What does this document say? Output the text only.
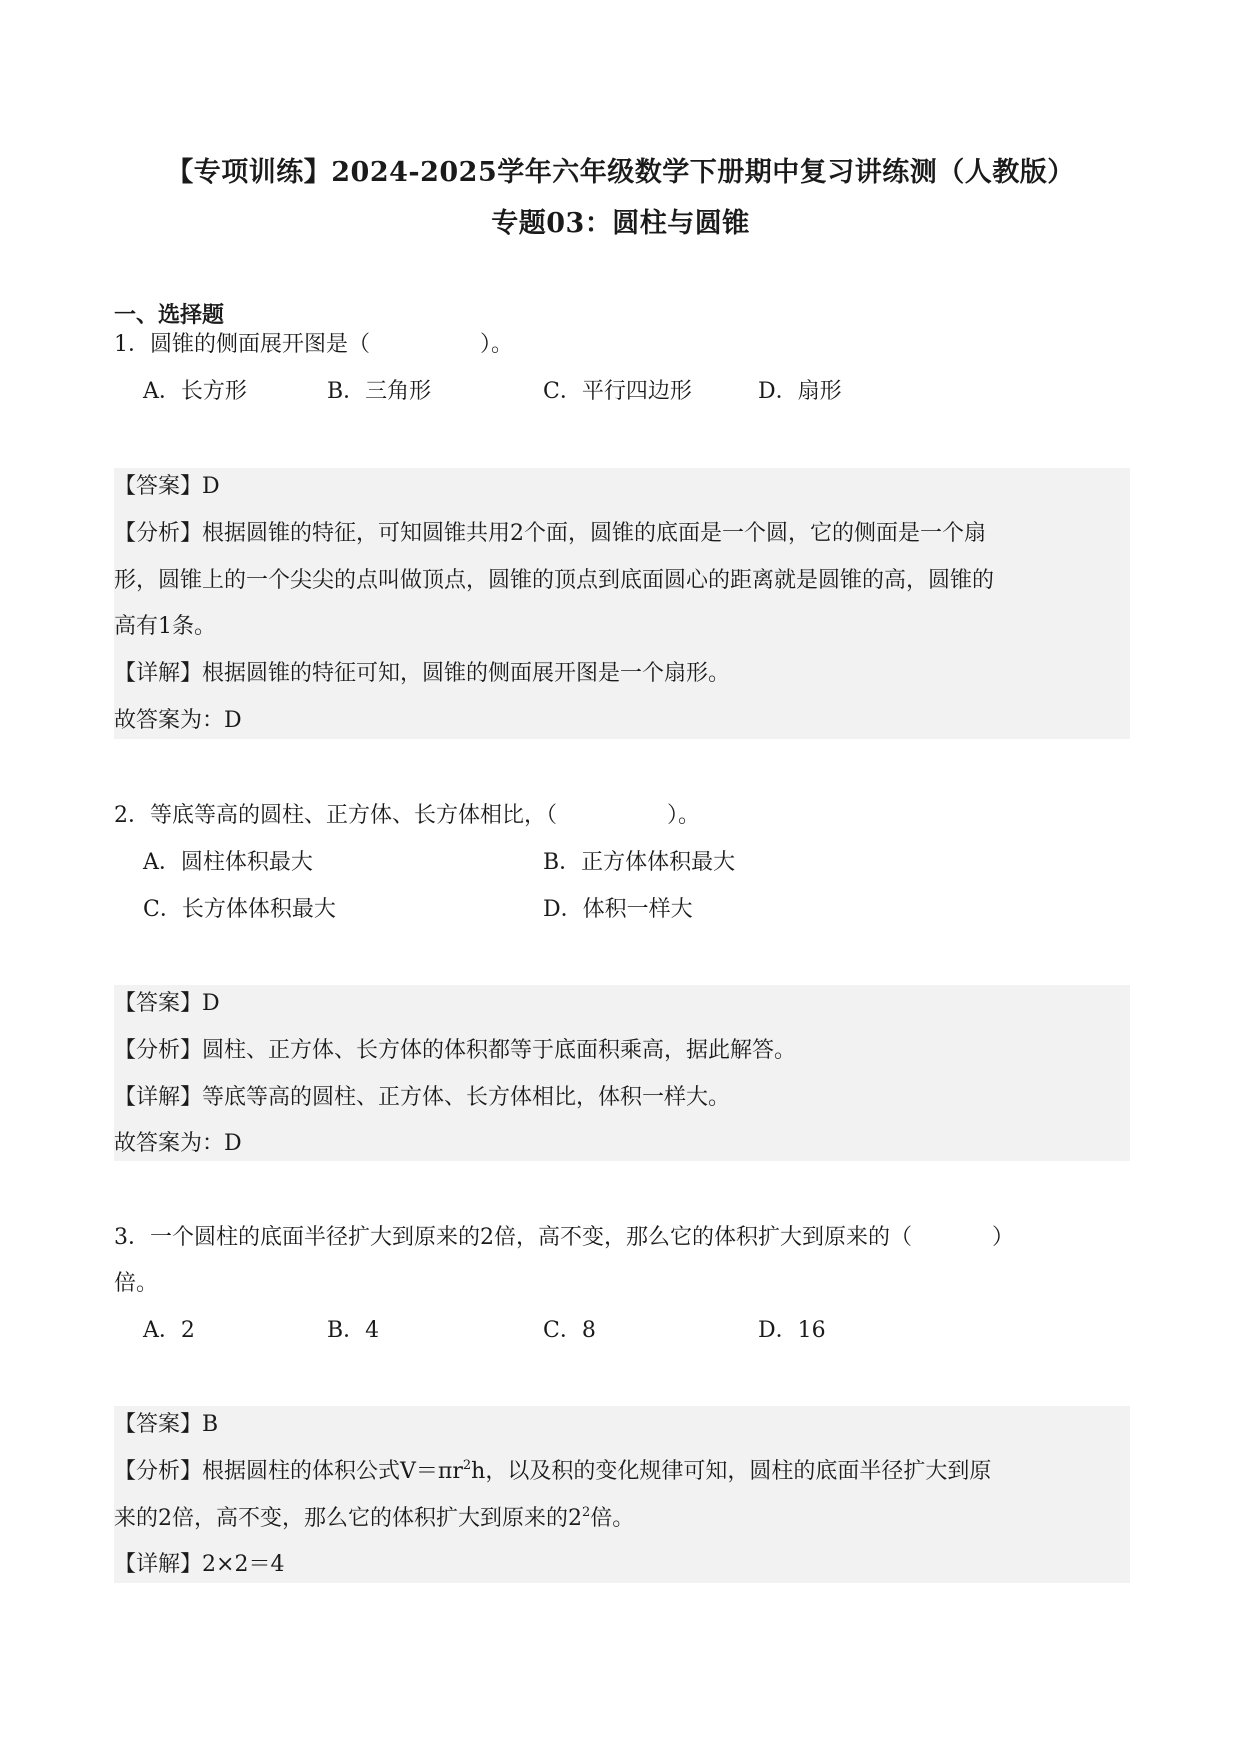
【专项训练】2024-2025学年六年级数学下册期中复习讲练测（人教版）
专题03：圆柱与圆锥
一、选择题
1．圆锥的侧面展开图是（	）。
A．长方形	B．三角形	C．平行四边形	D．扇形
【答案】D
【分析】根据圆锥的特征，可知圆锥共用2个面，圆锥的底面是一个圆，它的侧面是一个扇
形，圆锥上的一个尖尖的点叫做顶点，圆锥的顶点到底面圆心的距离就是圆锥的高，圆锥的
高有1条。
【详解】根据圆锥的特征可知，圆锥的侧面展开图是一个扇形。
故答案为：D
2．等底等高的圆柱、正方体、长方体相比，（	）。
A．圆柱体积最大	B．正方体体积最大
C．长方体体积最大	D．体积一样大
【答案】D
【分析】圆柱、正方体、长方体的体积都等于底面积乘高，据此解答。
【详解】等底等高的圆柱、正方体、长方体相比，体积一样大。
故答案为：D
3．一个圆柱的底面半径扩大到原来的2倍，高不变，那么它的体积扩大到原来的（	）
倍。
A．2	B．4	C．8	D．16
【答案】B
【分析】根据圆柱的体积公式$V=\pi r^2h$，以及积的变化规律可知，圆柱的底面半径扩大到原
来的2倍，高不变，那么它的体积扩大到原来的$2^2$倍。
【详解】2×2＝4
